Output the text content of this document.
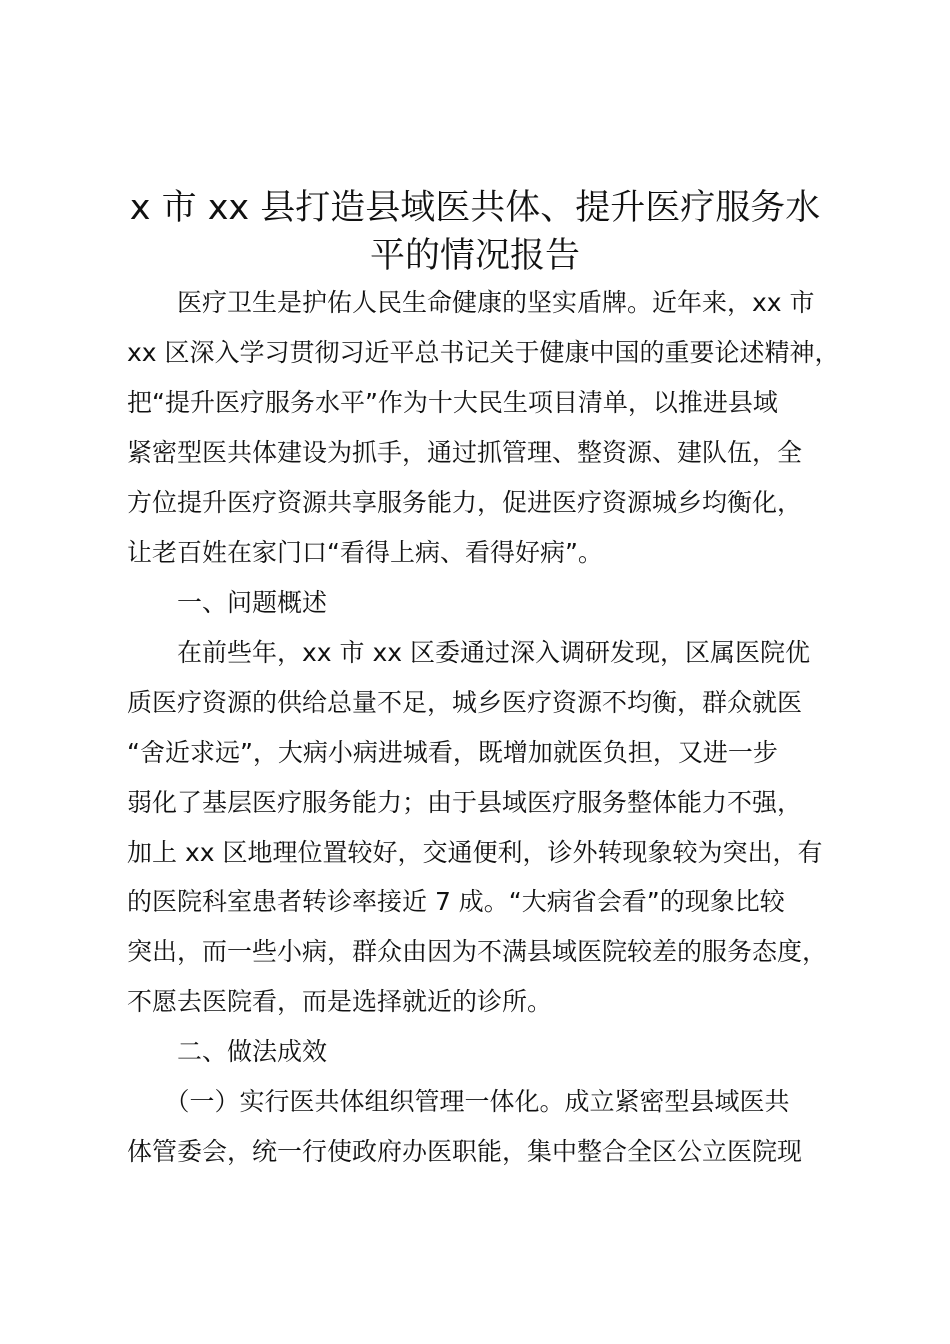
x 市 xx 县打造县域医共体、提升医疗服务水
平的情况报告
　　医疗卫生是护佑人民生命健康的坚实盾牌。近年来，xx 市
xx 区深入学习贯彻习近平总书记关于健康中国的重要论述精神，
把“提升医疗服务水平”作为十大民生项目清单，以推进县域
紧密型医共体建设为抓手，通过抓管理、整资源、建队伍，全
方位提升医疗资源共享服务能力，促进医疗资源城乡均衡化，
让老百姓在家门口“看得上病、看得好病”。
　　一、问题概述
　　在前些年，xx 市 xx 区委通过深入调研发现，区属医院优
质医疗资源的供给总量不足，城乡医疗资源不均衡，群众就医
“舍近求远”，大病小病进城看，既增加就医负担，又进一步
弱化了基层医疗服务能力；由于县域医疗服务整体能力不强，
加上 xx 区地理位置较好，交通便利，诊外转现象较为突出，有
的医院科室患者转诊率接近 7 成。“大病省会看”的现象比较
突出，而一些小病，群众由因为不满县域医院较差的服务态度，
不愿去医院看，而是选择就近的诊所。
　　二、做法成效
　　（一）实行医共体组织管理一体化。成立紧密型县域医共
体管委会，统一行使政府办医职能，集中整合全区公立医院现
